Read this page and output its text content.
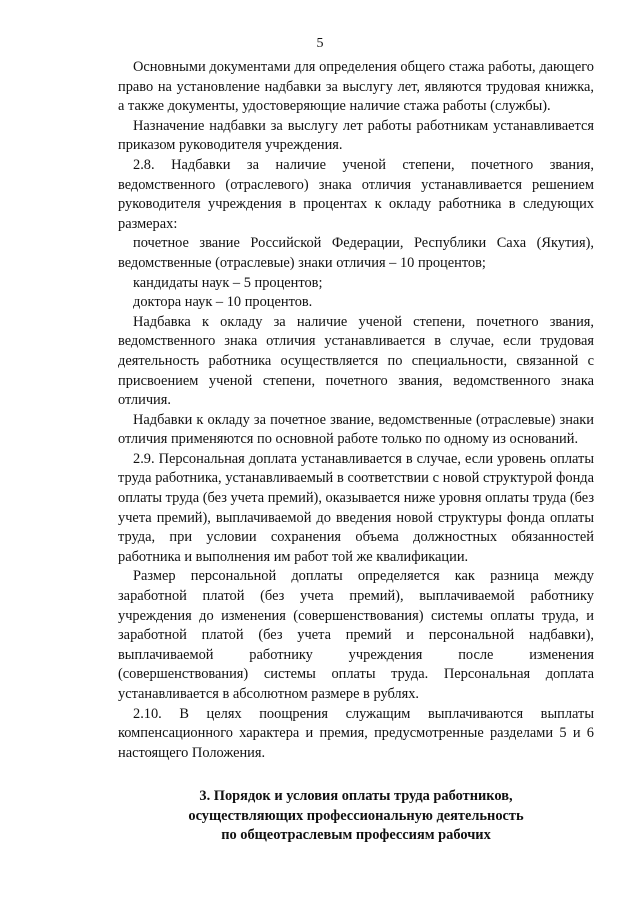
5

Основными документами для определения общего стажа работы, дающего право на установление надбавки за выслугу лет, являются трудовая книжка, а также документы, удостоверяющие наличие стажа работы (службы).

Назначение надбавки за выслугу лет работы работникам устанавливается приказом руководителя учреждения.

2.8. Надбавки за наличие ученой степени, почетного звания, ведомственного (отраслевого) знака отличия устанавливается решением руководителя учреждения в процентах к окладу работника в следующих размерах:

почетное звание Российской Федерации, Республики Саха (Якутия), ведомственные (отраслевые) знаки отличия – 10 процентов;

кандидаты наук – 5 процентов;

доктора наук – 10 процентов.

Надбавка к окладу за наличие ученой степени, почетного звания, ведомственного знака отличия устанавливается в случае, если трудовая деятельность работника осуществляется по специальности, связанной с присвоением ученой степени, почетного звания, ведомственного знака отличия.

Надбавки к окладу за почетное звание, ведомственные (отраслевые) знаки отличия применяются по основной работе только по одному из оснований.

2.9. Персональная доплата устанавливается в случае, если уровень оплаты труда работника, устанавливаемый в соответствии с новой структурой фонда оплаты труда (без учета премий), оказывается ниже уровня оплаты труда (без учета премий), выплачиваемой до введения новой структуры фонда оплаты труда, при условии сохранения объема должностных обязанностей работника и выполнения им работ той же квалификации.

Размер персональной доплаты определяется как разница между заработной платой (без учета премий), выплачиваемой работнику учреждения до изменения (совершенствования) системы оплаты труда, и заработной платой (без учета премий и персональной надбавки), выплачиваемой работнику учреждения после изменения (совершенствования) системы оплаты труда. Персональная доплата устанавливается в абсолютном размере в рублях.

2.10. В целях поощрения служащим выплачиваются выплаты компенсационного характера и премия, предусмотренные разделами 5 и 6 настоящего Положения.

3. Порядок и условия оплаты труда работников,
осуществляющих профессиональную деятельность
по общеотраслевым профессиям рабочих
